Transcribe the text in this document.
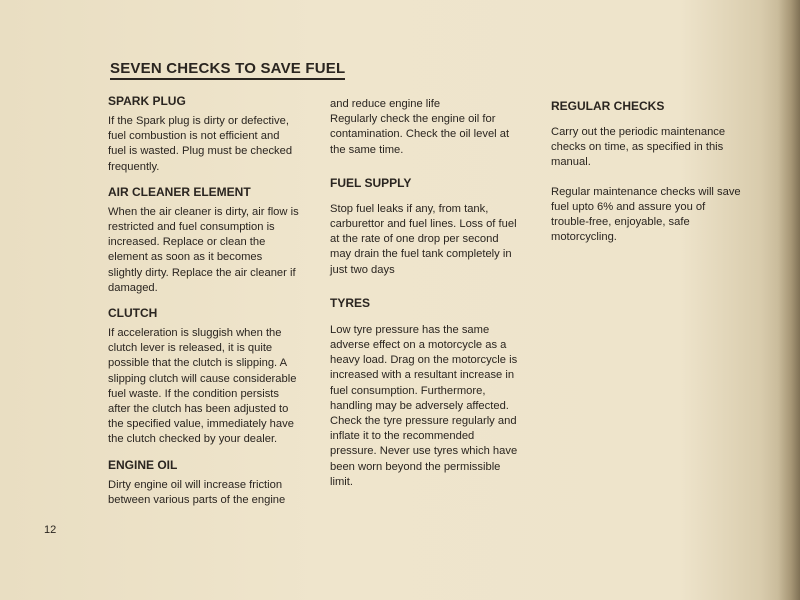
SEVEN CHECKS TO SAVE FUEL
SPARK PLUG

If the Spark plug is dirty or defective,
fuel combustion is not efficient and
fuel is wasted. Plug must be checked
frequently.

AIR CLEANER ELEMENT

When the air cleaner is dirty, air flow is
restricted and fuel consumption is
increased. Replace or clean the
element as soon as it becomes
slightly dirty. Replace the air cleaner if
damaged.

CLUTCH

If acceleration is sluggish when the
clutch lever is released, it is quite
possible that the clutch is slipping. A
slipping clutch will cause considerable
fuel waste. If the condition persists
after the clutch has been adjusted to
the specified value, immediately have
the clutch checked by your dealer.

ENGINE OIL

Dirty engine oil will increase friction
between various parts of the engine

and reduce engine life
Regularly check the engine oil for
contamination. Check the oil level at
the same time.

FUEL SUPPLY

Stop fuel leaks if any, from tank,
carburettor and fuel lines. Loss of fuel
at the rate of one drop per second
may drain the fuel tank completely in
just two days

TYRES

Low tyre pressure has the same
adverse effect on a motorcycle as a
heavy load. Drag on the motorcycle is
increased with a resultant increase in
fuel consumption. Furthermore,
handling may be adversely affected.
Check the tyre pressure regularly and
inflate it to the recommended
pressure. Never use tyres which have
been worn beyond the permissible
limit.

REGULAR CHECKS

Carry out the periodic maintenance
checks on time, as specified in this
manual.

Regular maintenance checks will save
fuel upto 6% and assure you of
trouble-free, enjoyable, safe
motorcycling.

12
